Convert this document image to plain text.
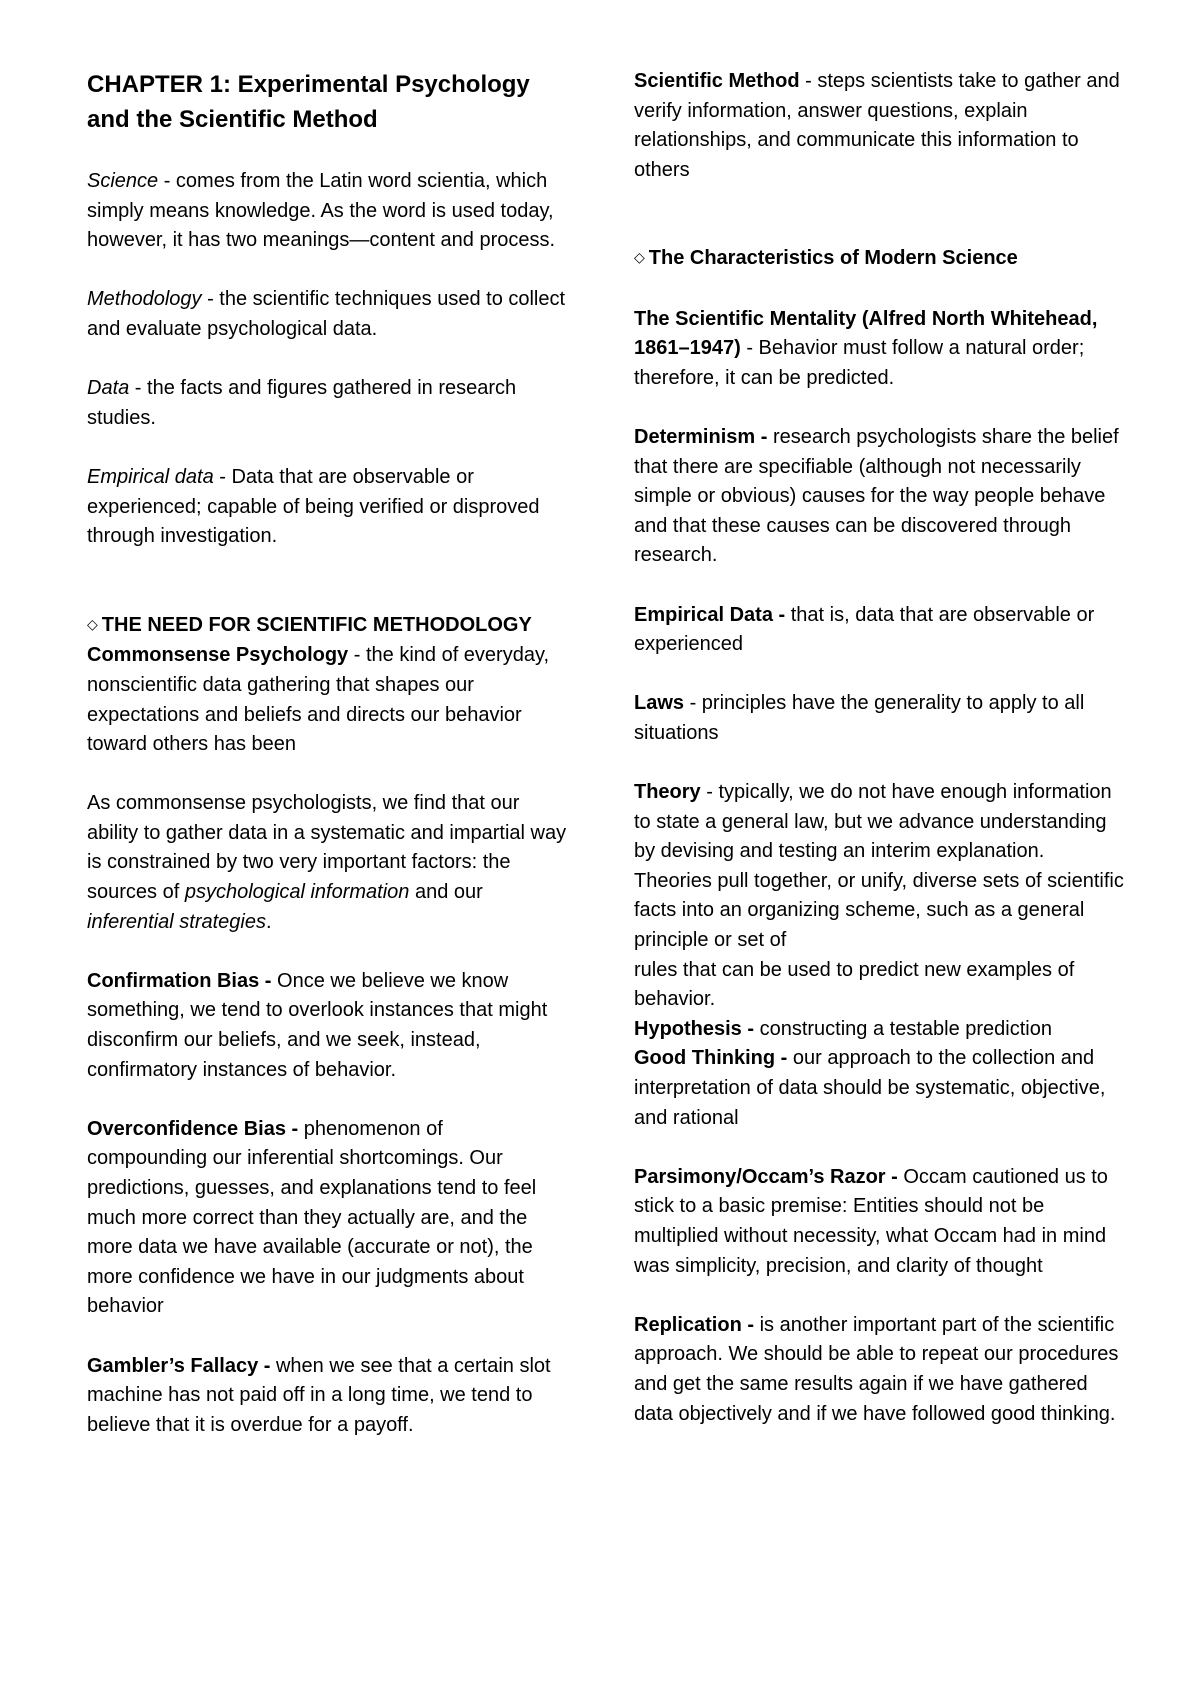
CHAPTER 1: Experimental Psychology and the Scientific Method

Science - comes from the Latin word scientia, which simply means knowledge. As the word is used today, however, it has two meanings—content and process.

Methodology - the scientific techniques used to collect and evaluate psychological data.

Data - the facts and figures gathered in research studies.

Empirical data - Data that are observable or experienced; capable of being verified or disproved through investigation.

◇ THE NEED FOR SCIENTIFIC METHODOLOGY

Commonsense Psychology - the kind of everyday, nonscientific data gathering that shapes our expectations and beliefs and directs our behavior toward others has been

As commonsense psychologists, we find that our ability to gather data in a systematic and impartial way is constrained by two very important factors: the sources of psychological information and our inferential strategies.

Confirmation Bias - Once we believe we know something, we tend to overlook instances that might disconfirm our beliefs, and we seek, instead, confirmatory instances of behavior.

Overconfidence Bias - phenomenon of compounding our inferential shortcomings. Our predictions, guesses, and explanations tend to feel much more correct than they actually are, and the more data we have available (accurate or not), the more confidence we have in our judgments about behavior

Gambler’s Fallacy - when we see that a certain slot machine has not paid off in a long time, we tend to believe that it is overdue for a payoff.

Scientific Method - steps scientists take to gather and verify information, answer questions, explain relationships, and communicate this information to others

◇ The Characteristics of Modern Science

The Scientific Mentality (Alfred North Whitehead, 1861–1947) - Behavior must follow a natural order; therefore, it can be predicted.

Determinism - research psychologists share the belief that there are specifiable (although not necessarily simple or obvious) causes for the way people behave and that these causes can be discovered through research.

Empirical Data - that is, data that are observable or experienced

Laws - principles have the generality to apply to all situations

Theory - typically, we do not have enough information to state a general law, but we advance understanding by devising and testing an interim explanation. Theories pull together, or unify, diverse sets of scientific facts into an organizing scheme, such as a general principle or set of

rules that can be used to predict new examples of behavior.

Hypothesis - constructing a testable prediction

Good Thinking - our approach to the collection and interpretation of data should be systematic, objective, and rational

Parsimony/Occam’s Razor - Occam cautioned us to stick to a basic premise: Entities should not be multiplied without necessity, what Occam had in mind was simplicity, precision, and clarity of thought

Replication - is another important part of the scientific approach. We should be able to repeat our procedures and get the same results again if we have gathered data objectively and if we have followed good thinking.
